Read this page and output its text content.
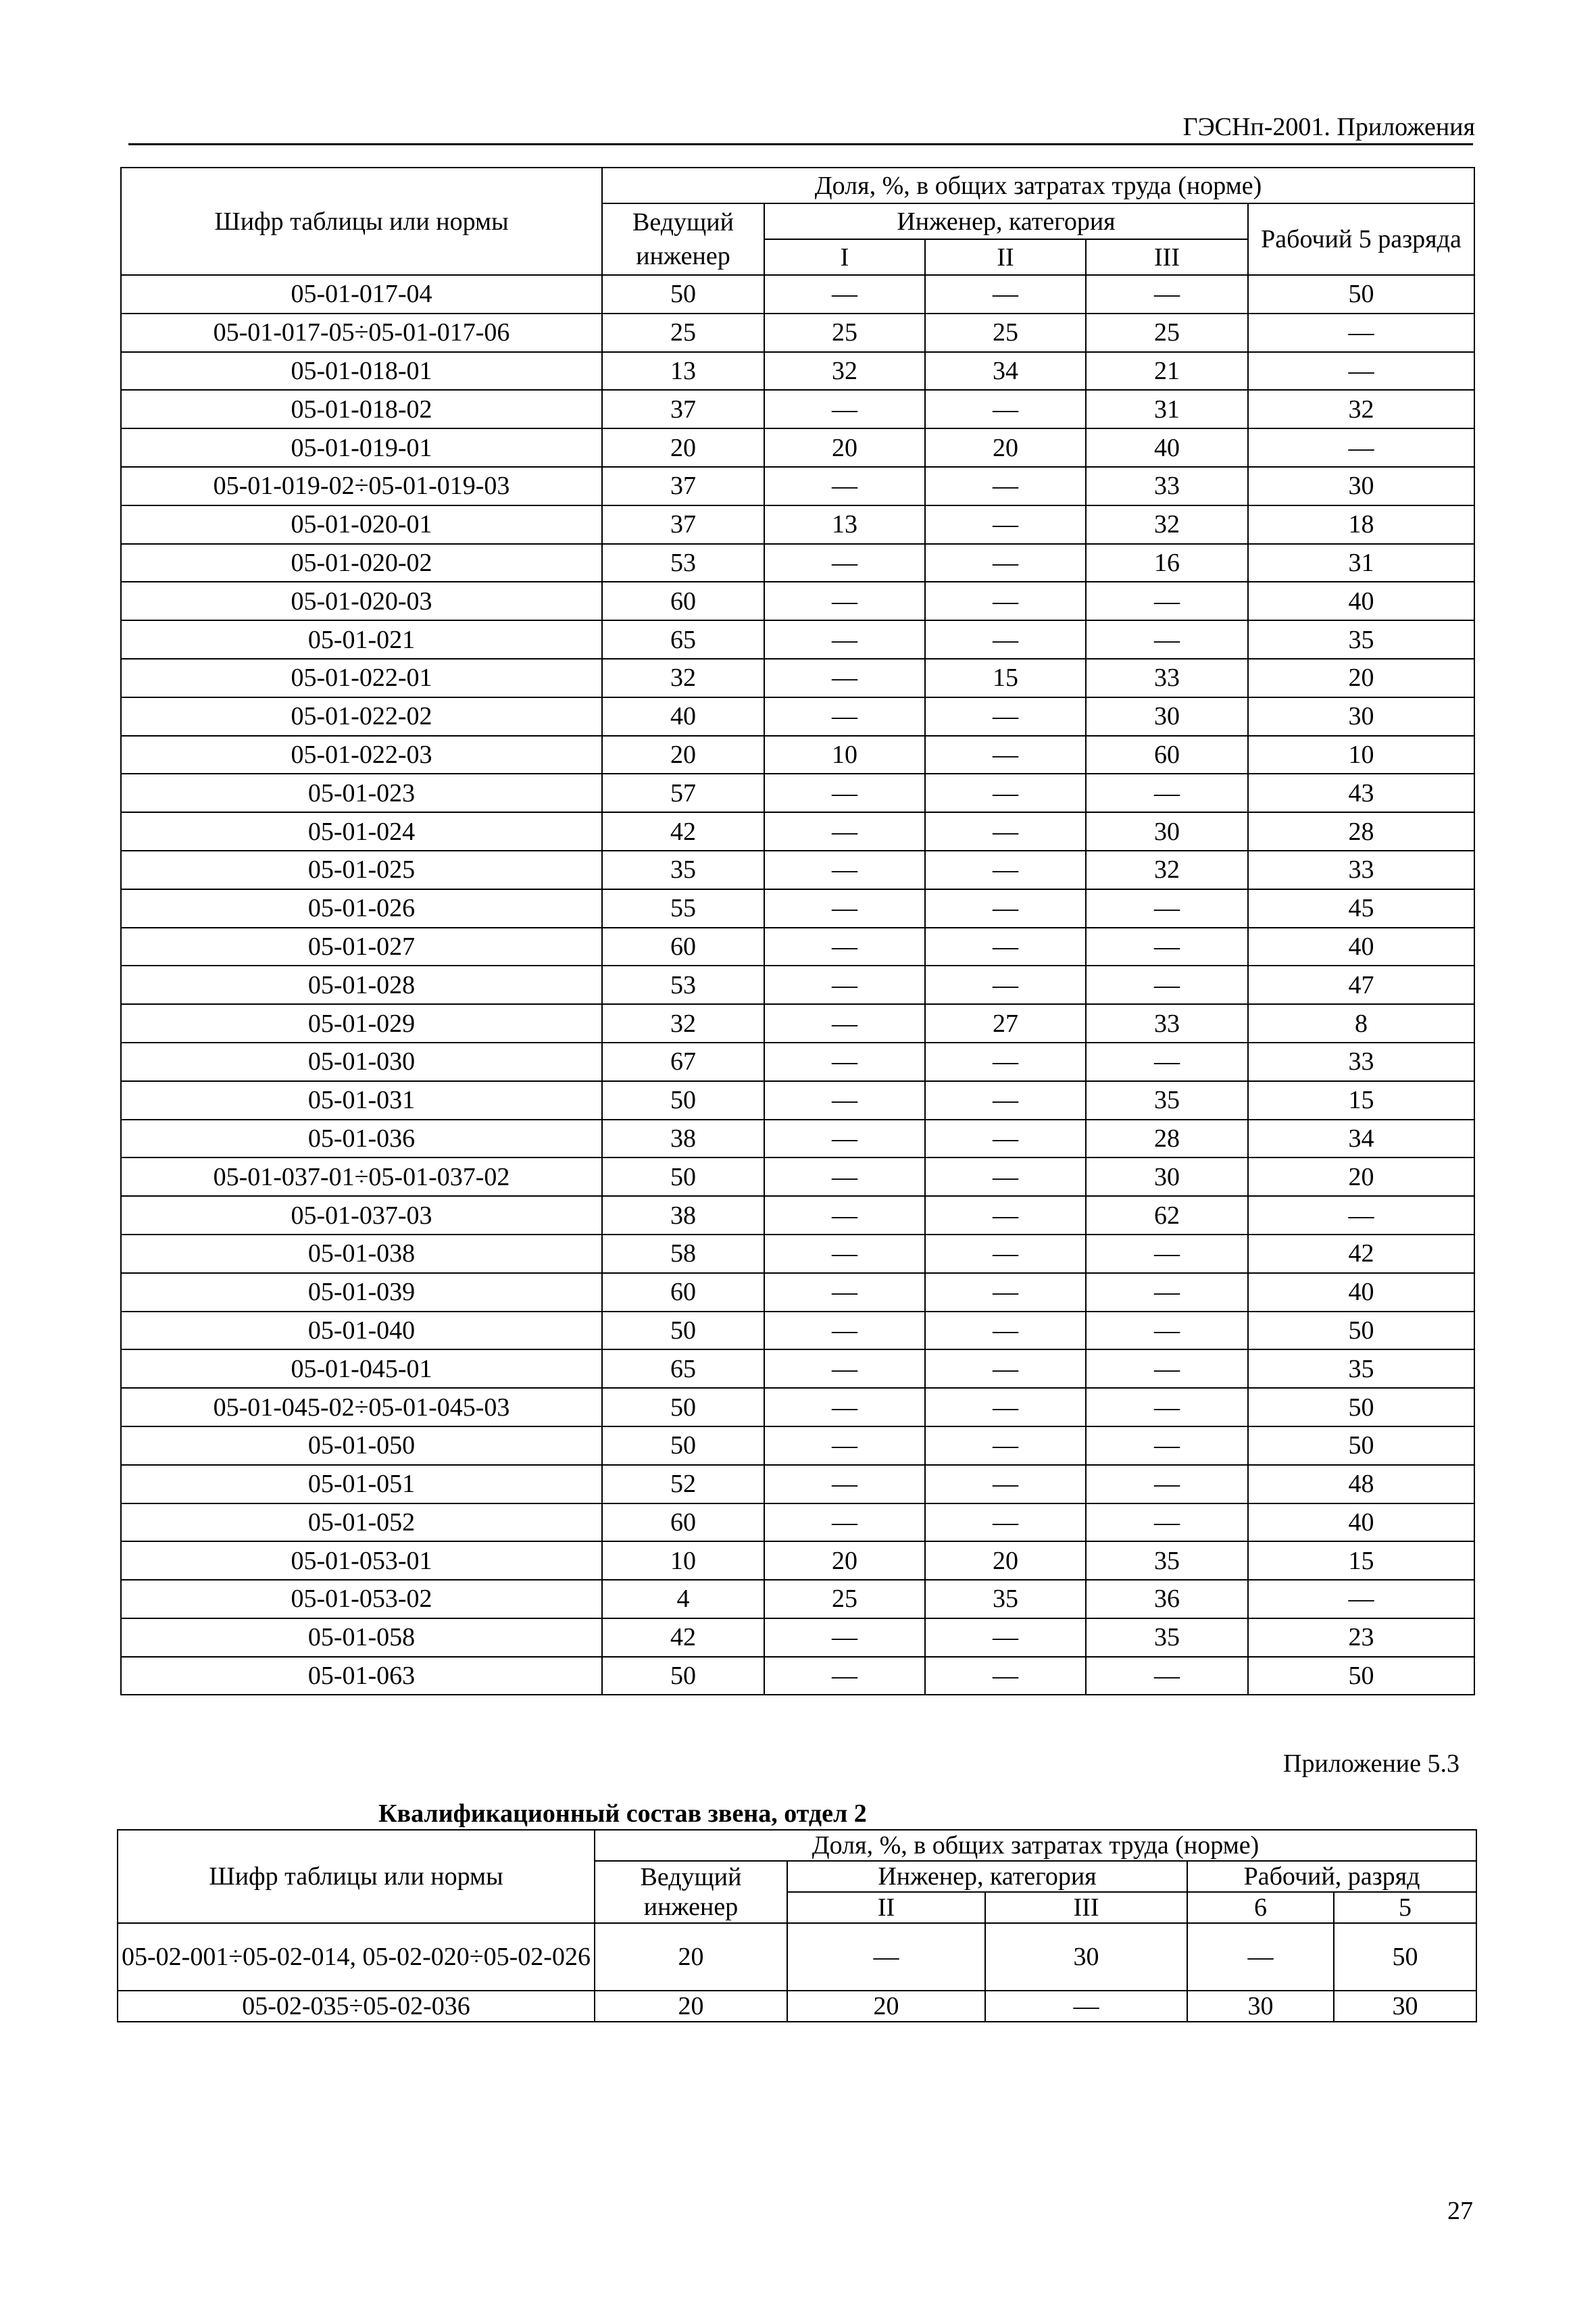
ГЭСНп-2001. Приложения
Шифр таблицы или нормы	Доля, %, в общих затратах труда (норме)				
	Ведущий инженер	Инженер, категория			Рабочий 5 разряда
		I	II	III	
05-01-017-04	50	—	—	—	50
05-01-017-05÷05-01-017-06	25	25	25	25	—
05-01-018-01	13	32	34	21	—
05-01-018-02	37	—	—	31	32
05-01-019-01	20	20	20	40	—
05-01-019-02÷05-01-019-03	37	—	—	33	30
05-01-020-01	37	13	—	32	18
05-01-020-02	53	—	—	16	31
05-01-020-03	60	—	—	—	40
05-01-021	65	—	—	—	35
05-01-022-01	32	—	15	33	20
05-01-022-02	40	—	—	30	30
05-01-022-03	20	10	—	60	10
05-01-023	57	—	—	—	43
05-01-024	42	—	—	30	28
05-01-025	35	—	—	32	33
05-01-026	55	—	—	—	45
05-01-027	60	—	—	—	40
05-01-028	53	—	—	—	47
05-01-029	32	—	27	33	8
05-01-030	67	—	—	—	33
05-01-031	50	—	—	35	15
05-01-036	38	—	—	28	34
05-01-037-01÷05-01-037-02	50	—	—	30	20
05-01-037-03	38	—	—	62	—
05-01-038	58	—	—	—	42
05-01-039	60	—	—	—	40
05-01-040	50	—	—	—	50
05-01-045-01	65	—	—	—	35
05-01-045-02÷05-01-045-03	50	—	—	—	50
05-01-050	50	—	—	—	50
05-01-051	52	—	—	—	48
05-01-052	60	—	—	—	40
05-01-053-01	10	20	20	35	15
05-01-053-02	4	25	35	36	—
05-01-058	42	—	—	35	23
05-01-063	50	—	—	—	50
Приложение 5.3
Квалификационный состав звена, отдел 2
Шифр таблицы или нормы	Доля, %, в общих затратах труда (норме)				
	Ведущий инженер	Инженер, категория		Рабочий, разряд	
		II	III	6	5
05-02-001÷05-02-014, 05-02-020÷05-02-026	20	—	30	—	50
05-02-035÷05-02-036	20	20	—	30	30
27
